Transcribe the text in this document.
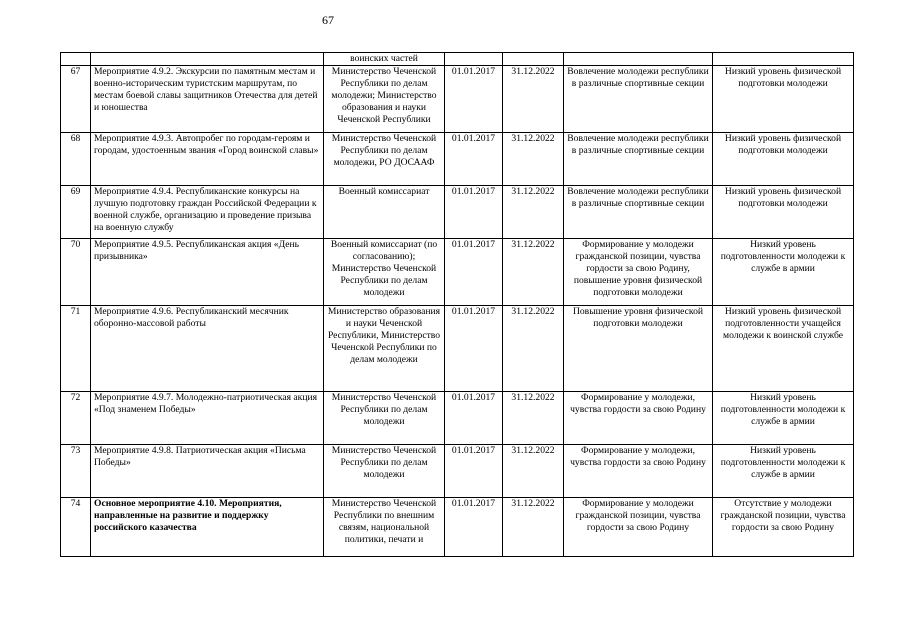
67
		воинских частей				
67	Мероприятие 4.9.2. Экскурсии по памятным местам и военно-историческим туристским маршрутам, по местам боевой славы защитников Отечества для детей и юношества	Министерство Чеченской Республики по делам молодежи; Министерство образования и науки Чеченской Республики	01.01.2017	31.12.2022	Вовлечение молодежи республики в различные спортивные секции	Низкий уровень физической подготовки молодежи
68	Мероприятие 4.9.3. Автопробег по городам-героям и городам, удостоенным звания «Город воинской славы»	Министерство Чеченской Республики по делам молодежи, РО ДОСААФ	01.01.2017	31.12.2022	Вовлечение молодежи республики в различные спортивные секции	Низкий уровень физической подготовки молодежи
69	Мероприятие 4.9.4. Республиканские конкурсы на лучшую подготовку граждан Российской Федерации к военной службе, организацию и проведение призыва на военную службу	Военный комиссариат	01.01.2017	31.12.2022	Вовлечение молодежи республики в различные спортивные секции	Низкий уровень физической подготовки молодежи
70	Мероприятие 4.9.5. Республиканская акция «День призывника»	Военный комиссариат (по согласованию); Министерство Чеченской Республики по делам молодежи	01.01.2017	31.12.2022	Формирование у молодежи гражданской позиции, чувства гордости за свою Родину, повышение уровня физической подготовки молодежи	Низкий уровень подготовленности молодежи к службе в армии
71	Мероприятие 4.9.6. Республиканский месячник оборонно-массовой работы	Министерство образования и науки Чеченской Республики, Министерство Чеченской Республики по делам молодежи	01.01.2017	31.12.2022	Повышение уровня физической подготовки молодежи	Низкий уровень физической подготовленности учащейся молодежи к воинской службе
72	Мероприятие 4.9.7. Молодежно-патриотическая акция «Под знаменем Победы»	Министерство Чеченской Республики по делам молодежи	01.01.2017	31.12.2022	Формирование у молодежи, чувства гордости за свою Родину	Низкий уровень подготовленности молодежи к службе в армии
73	Мероприятие 4.9.8. Патриотическая акция «Письма Победы»	Министерство Чеченской Республики по делам молодежи	01.01.2017	31.12.2022	Формирование у молодежи, чувства гордости за свою Родину	Низкий уровень подготовленности молодежи к службе в армии
74	Основное мероприятие 4.10. Мероприятия, направленные на развитие и поддержку российского казачества	Министерство Чеченской Республики по внешним связям, национальной политики, печати и	01.01.2017	31.12.2022	Формирование у молодежи гражданской позиции, чувства гордости за свою Родину	Отсутствие у молодежи гражданской позиции, чувства гордости за свою Родину
